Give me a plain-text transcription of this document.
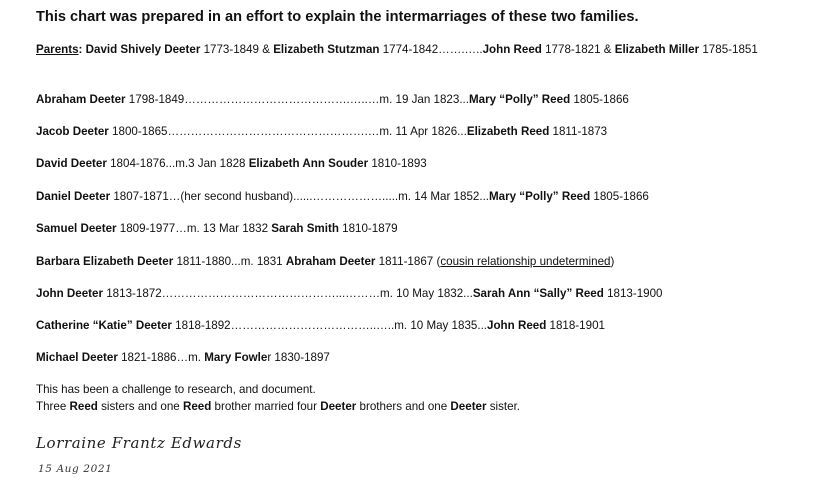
This chart was prepared in an effort to explain the intermarriages of these two families.
Parents: David Shively Deeter 1773-1849 & Elizabeth Stutzman 1774-1842…….…..John Reed 1778-1821 & Elizabeth Miller 1785-1851
Abraham Deeter 1798-1849…………………………………….…..…m. 19 Jan 1823...Mary “Polly” Reed 1805-1866
Jacob Deeter 1800-1865…………………………………………….…m. 11 Apr 1826...Elizabeth Reed 1811-1873
David Deeter 1804-1876...m.3 Jan 1828 Elizabeth Ann Souder 1810-1893
Daniel Deeter 1807-1871…(her second husband)......……………….....m. 14 Mar 1852...Mary “Polly” Reed 1805-1866
Samuel Deeter 1809-1977…m. 13 Mar 1832 Sarah Smith 1810-1879
Barbara Elizabeth Deeter 1811-1880...m. 1831 Abraham Deeter 1811-1867 (cousin relationship undetermined)
John Deeter 1813-1872………………………………………...………m. 10 May 1832...Sarah Ann “Sally” Reed 1813-1900
Catherine “Katie” Deeter 1818-1892………………………………..…..m. 10 May 1835...John Reed 1818-1901
Michael Deeter 1821-1886…m. Mary Fowler 1830-1897
This has been a challenge to research, and document.
Three Reed sisters and one Reed brother married four Deeter brothers and one Deeter sister.
Lorraine Frantz Edwards
15 Aug 2021
